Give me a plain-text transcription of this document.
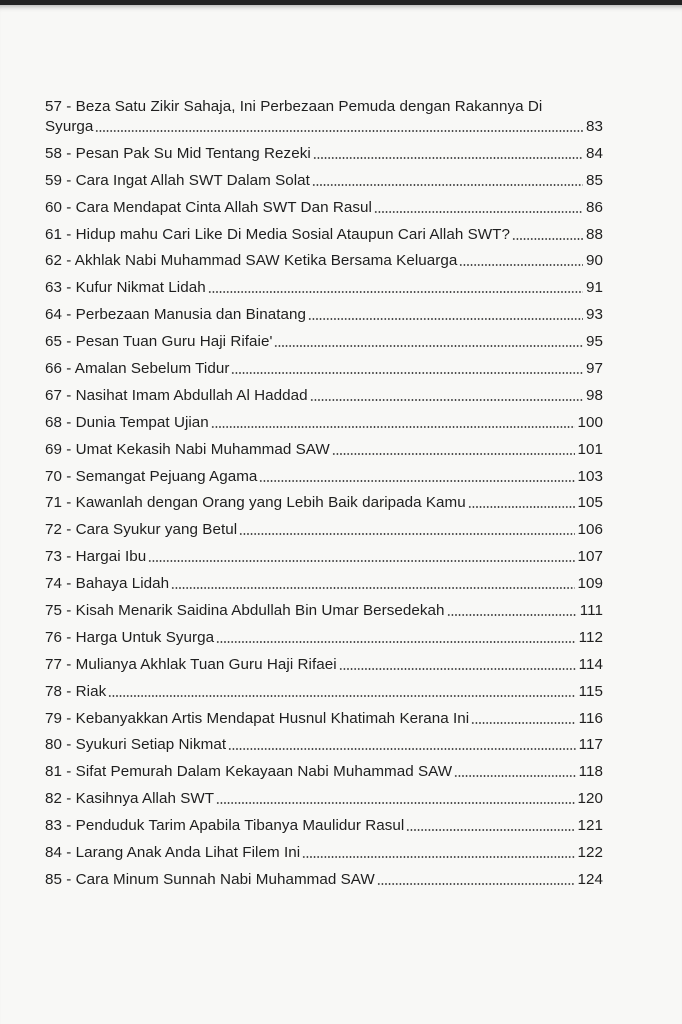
57 - Beza Satu Zikir Sahaja, Ini Perbezaan Pemuda dengan Rakannya Di
Syurga	83
58 - Pesan Pak Su Mid Tentang Rezeki	84
59 - Cara Ingat Allah SWT Dalam Solat	85
60 - Cara Mendapat Cinta Allah SWT Dan Rasul	86
61 - Hidup mahu Cari Like Di Media Sosial Ataupun Cari Allah SWT?	88
62 - Akhlak Nabi Muhammad SAW Ketika Bersama Keluarga	90
63 - Kufur Nikmat Lidah	91
64 - Perbezaan Manusia dan Binatang	93
65 - Pesan Tuan Guru Haji Rifaie'	95
66 - Amalan Sebelum Tidur	97
67 - Nasihat Imam Abdullah Al Haddad	98
68 - Dunia Tempat Ujian	100
69 - Umat Kekasih Nabi Muhammad SAW	101
70 - Semangat Pejuang Agama	103
71 - Kawanlah dengan Orang yang Lebih Baik daripada Kamu	105
72 - Cara Syukur yang Betul	106
73 - Hargai Ibu	107
74 - Bahaya Lidah	109
75 - Kisah Menarik Saidina Abdullah Bin Umar Bersedekah	111
76 - Harga Untuk Syurga	112
77 - Mulianya Akhlak Tuan Guru Haji Rifaei	114
78 - Riak	115
79 - Kebanyakkan Artis Mendapat Husnul Khatimah Kerana Ini	116
80 - Syukuri Setiap Nikmat	117
81 - Sifat Pemurah Dalam Kekayaan Nabi Muhammad SAW	118
82 - Kasihnya Allah SWT	120
83 - Penduduk Tarim Apabila Tibanya Maulidur Rasul	121
84 - Larang Anak Anda Lihat Filem Ini	122
85 - Cara Minum Sunnah Nabi Muhammad SAW	124
